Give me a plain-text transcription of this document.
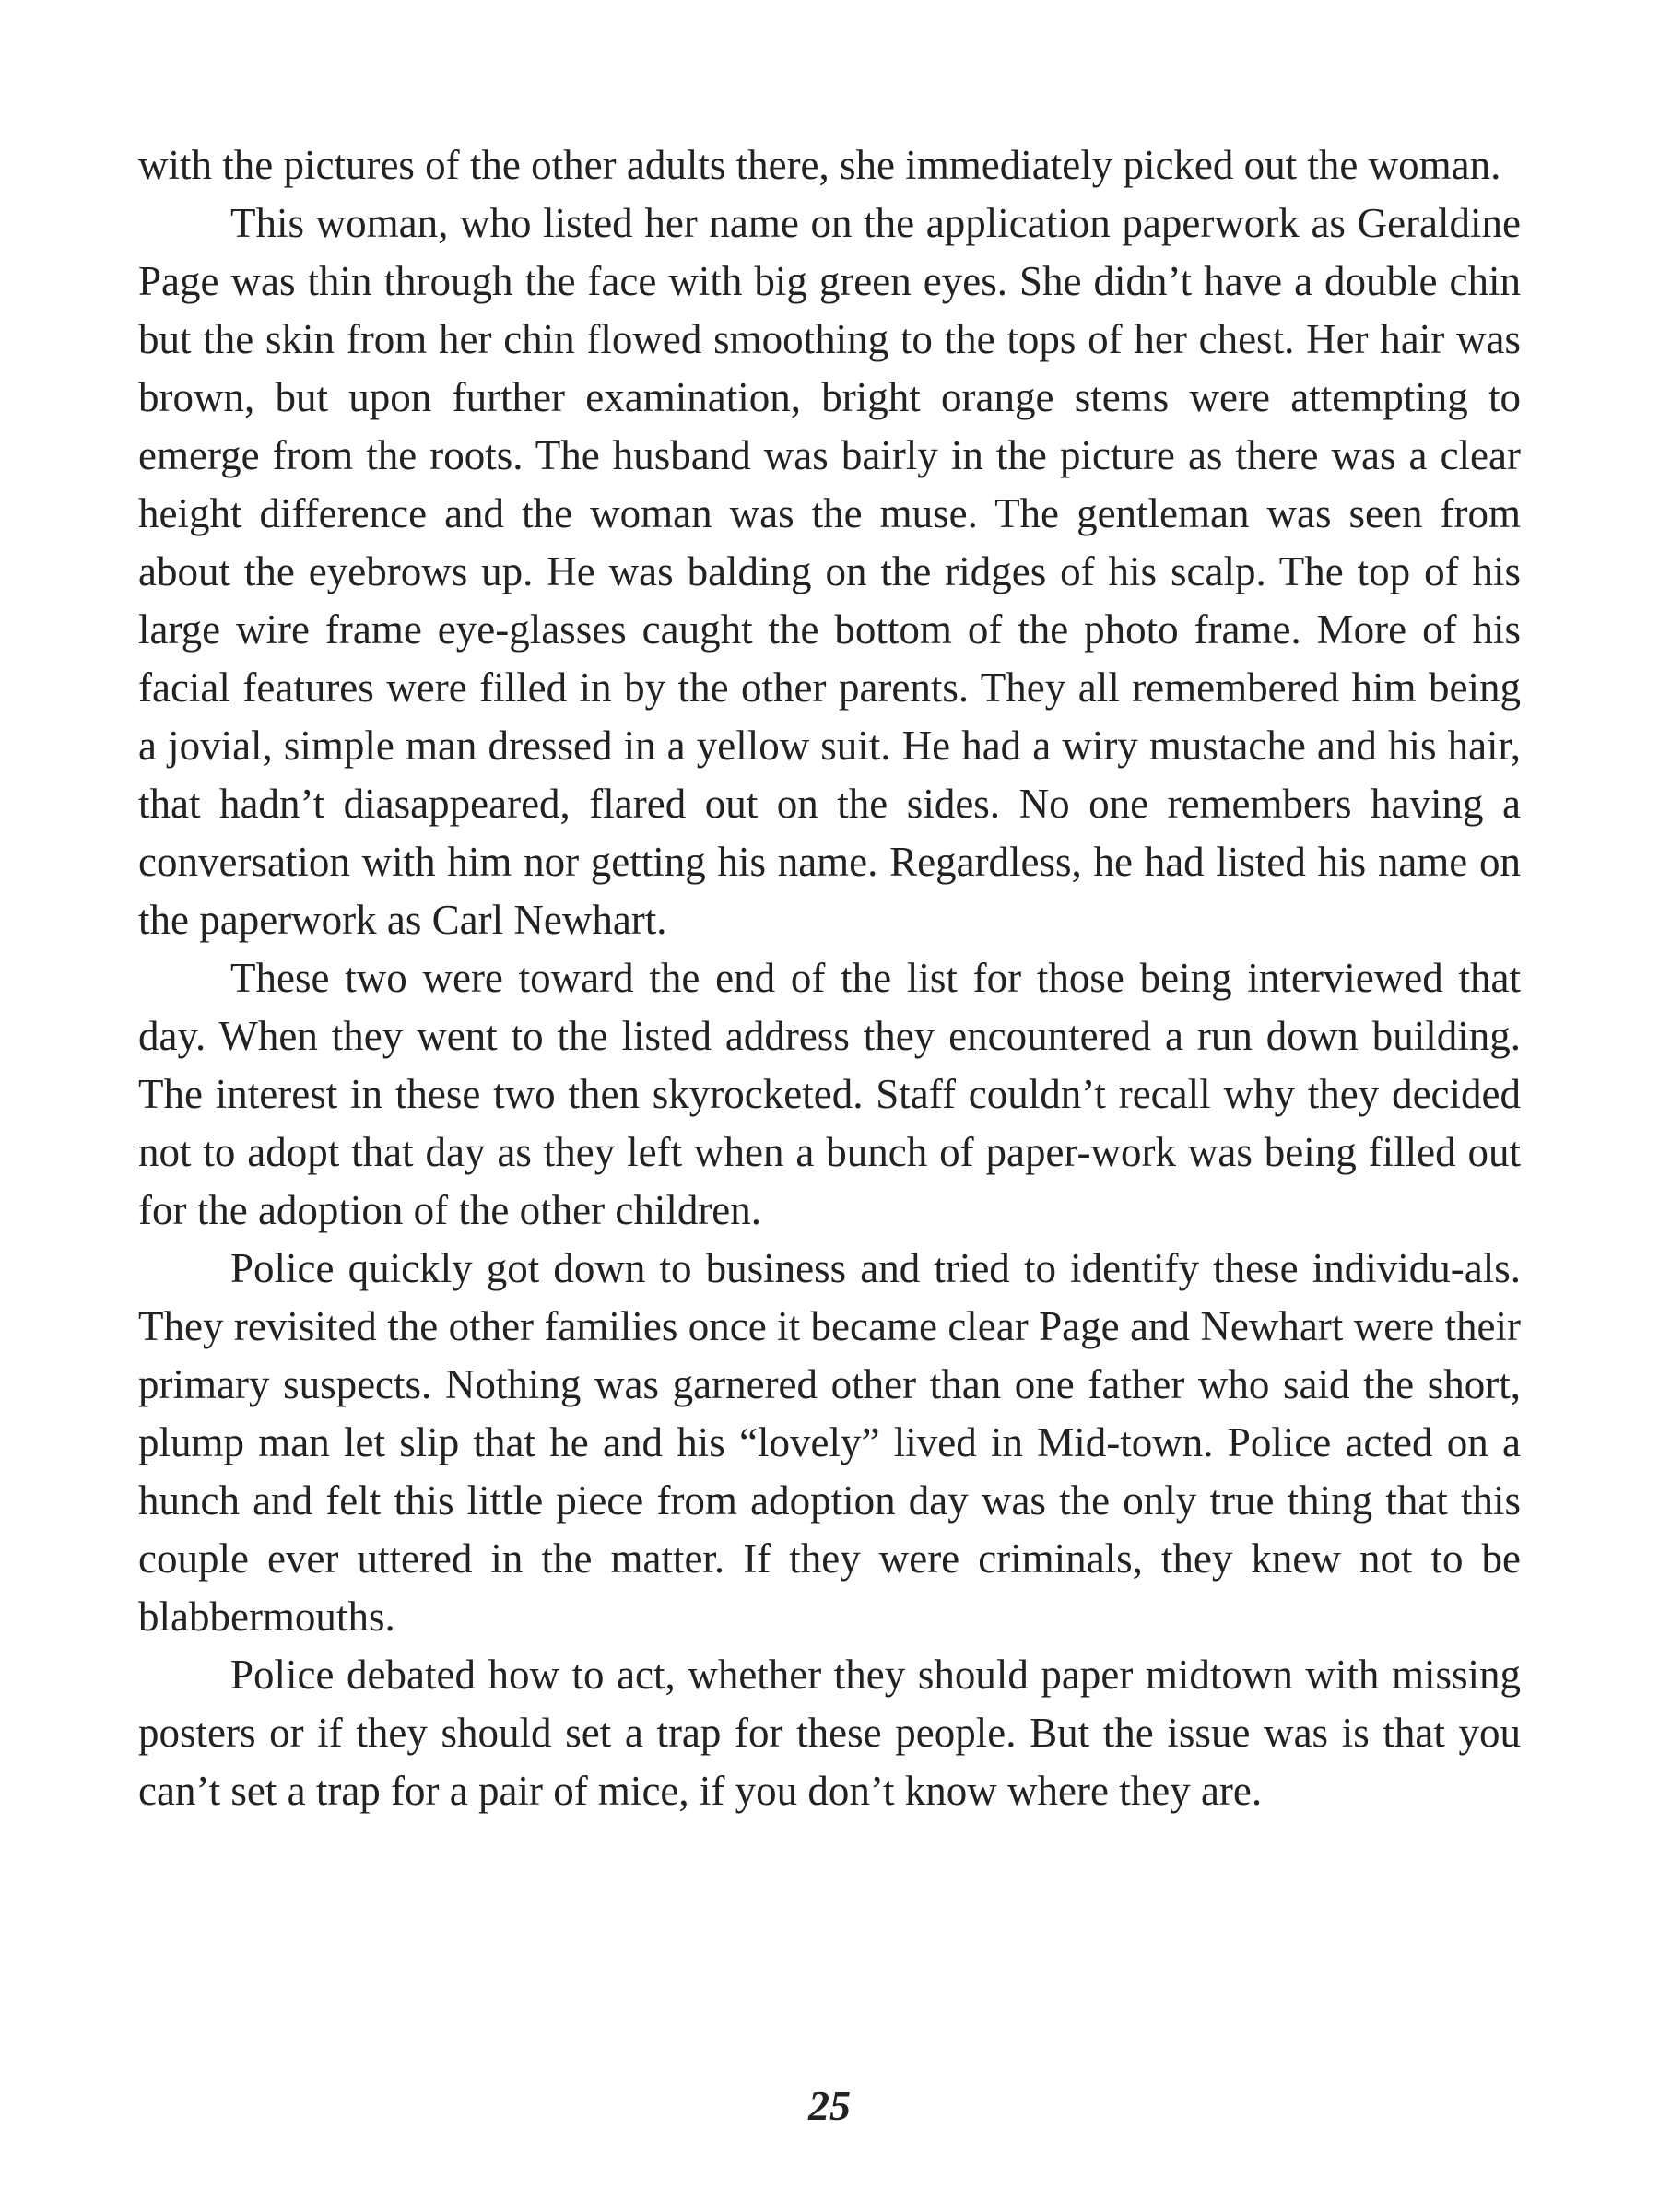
with the pictures of the other adults there, she immediately picked out the woman.

This woman, who listed her name on the application paperwork as Geraldine Page was thin through the face with big green eyes. She didn’t have a double chin but the skin from her chin flowed smoothing to the tops of her chest. Her hair was brown, but upon further examination, bright orange stems were attempting to emerge from the roots. The husband was bairly in the picture as there was a clear height difference and the woman was the muse. The gentleman was seen from about the eyebrows up. He was balding on the ridges of his scalp. The top of his large wire frame eye-glasses caught the bottom of the photo frame. More of his facial features were filled in by the other parents. They all remembered him being a jovial, simple man dressed in a yellow suit. He had a wiry mustache and his hair, that hadn’t diasappeared, flared out on the sides. No one remembers having a conversation with him nor getting his name. Regardless, he had listed his name on the paperwork as Carl Newhart.

These two were toward the end of the list for those being interviewed that day. When they went to the listed address they encountered a run down building. The interest in these two then skyrocketed. Staff couldn’t recall why they decided not to adopt that day as they left when a bunch of paper-work was being filled out for the adoption of the other children.

Police quickly got down to business and tried to identify these individu-als. They revisited the other families once it became clear Page and Newhart were their primary suspects. Nothing was garnered other than one father who said the short, plump man let slip that he and his “lovely” lived in Mid-town. Police acted on a hunch and felt this little piece from adoption day was the only true thing that this couple ever uttered in the matter. If they were criminals, they knew not to be blabbermouths.

Police debated how to act, whether they should paper midtown with missing posters or if they should set a trap for these people. But the issue was is that you can’t set a trap for a pair of mice, if you don’t know where they are.

25
